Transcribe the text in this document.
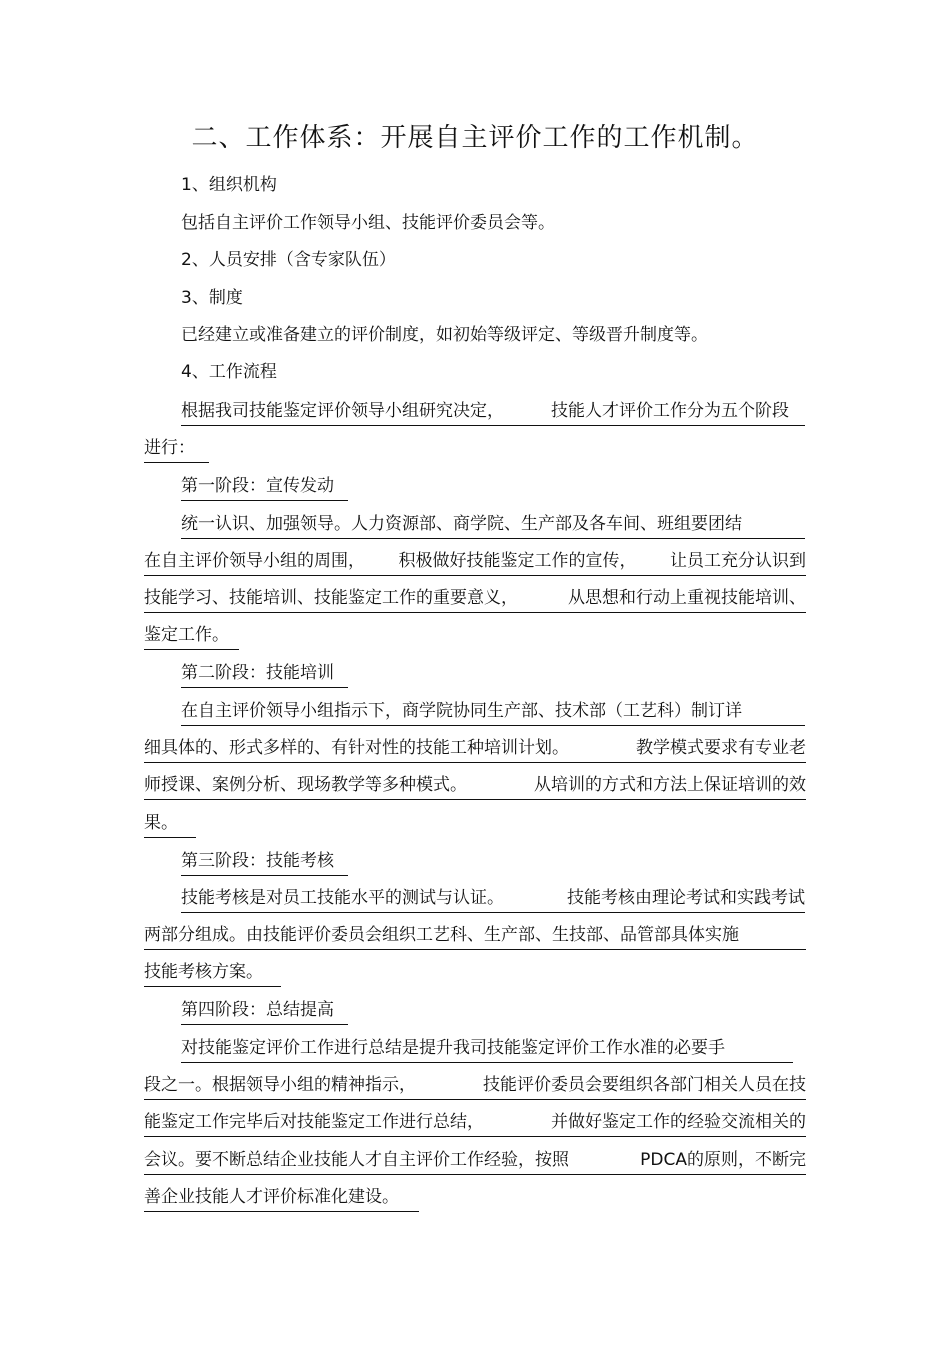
二、工作体系：开展自主评价工作的工作机制。
1、组织机构
包括自主评价工作领导小组、技能评价委员会等。
2、人员安排（含专家队伍）
3、制度
已经建立或准备建立的评价制度，如初始等级评定、等级晋升制度等。
4、工作流程
根据我司技能鉴定评价领导小组研究决定，	技能人才评价工作分为五个阶段
进行：
第一阶段：宣传发动
统一认识、加强领导。人力资源部、商学院、生产部及各车间、班组要团结
在自主评价领导小组的周围， 积极做好技能鉴定工作的宣传， 让员工充分认识到
技能学习、技能培训、技能鉴定工作的重要意义，	从思想和行动上重视技能培训、
鉴定工作。
第二阶段：技能培训
在自主评价领导小组指示下，商学院协同生产部、技术部（工艺科）制订详
细具体的、形式多样的、有针对性的技能工种培训计划。	教学模式要求有专业老
师授课、案例分析、现场教学等多种模式。	从培训的方式和方法上保证培训的效
果。
第三阶段：技能考核
技能考核是对员工技能水平的测试与认证。	技能考核由理论考试和实践考试
两部分组成。由技能评价委员会组织工艺科、生产部、生技部、品管部具体实施
技能考核方案。
第四阶段：总结提高
对技能鉴定评价工作进行总结是提升我司技能鉴定评价工作水准的必要手
段之一。根据领导小组的精神指示，	技能评价委员会要组织各部门相关人员在技
能鉴定工作完毕后对技能鉴定工作进行总结，	并做好鉴定工作的经验交流相关的
会议。要不断总结企业技能人才自主评价工作经验，按照	PDCA的原则，不断完
善企业技能人才评价标准化建设。
